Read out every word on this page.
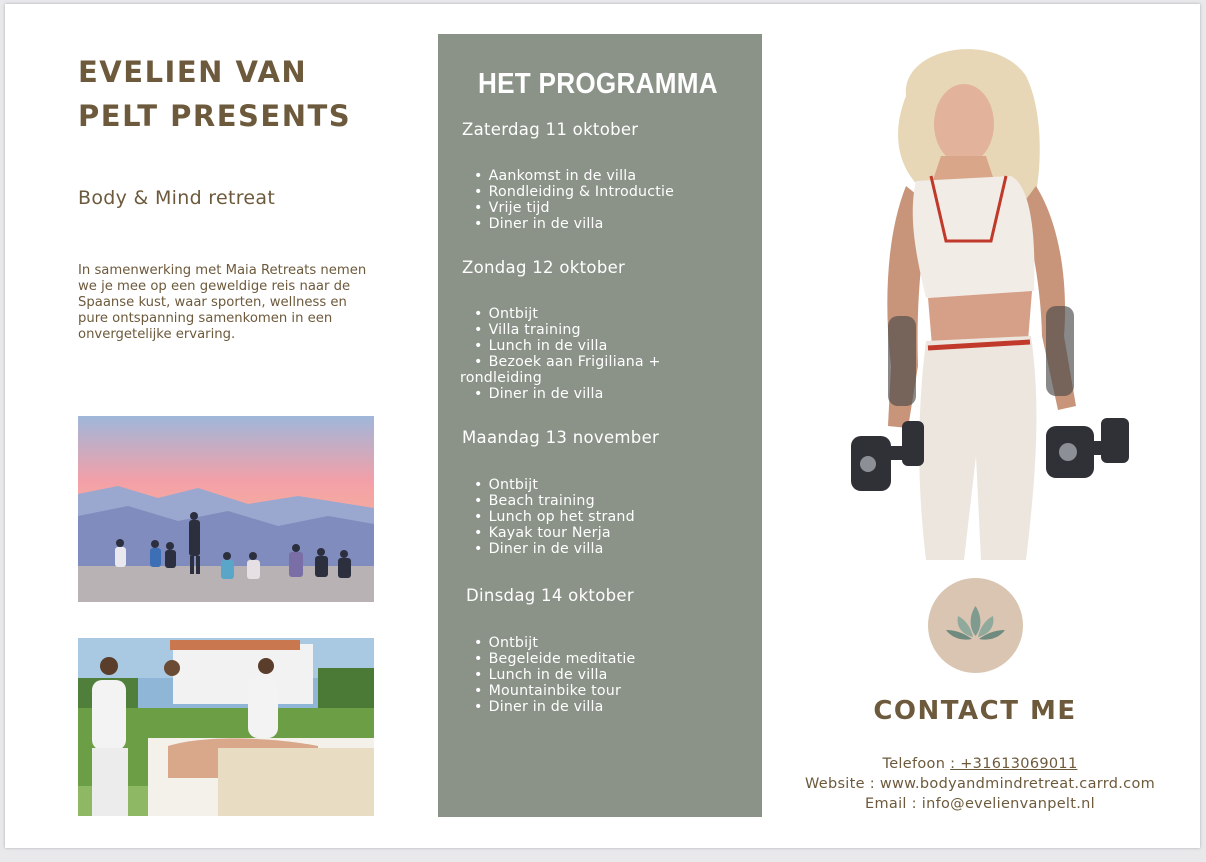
EVELIEN VAN PELT PRESENTS

Body & Mind retreat

In samenwerking met Maia Retreats nemen we je mee op een geweldige reis naar de Spaanse kust, waar sporten, wellness en pure ontspanning samenkomen in een onvergetelijke ervaring.

HET PROGRAMMA
Zaterdag 11 oktober
• Aankomst in de villa
• Rondleiding & Introductie
• Vrije tijd
• Diner in de villa
Zondag 12 oktober
• Ontbijt
• Villa training
• Lunch in de villa
• Bezoek aan Frigiliana +
rondleiding
• Diner in de villa
Maandag 13 november
• Ontbijt
• Beach training
• Lunch op het strand
• Kayak tour Nerja
• Diner in de villa
Dinsdag 14 oktober
• Ontbijt
• Begeleide meditatie
• Lunch in de villa
• Mountainbike tour
• Diner in de villa	CONTACT ME

Telefoon : +31613069011

Website : www.bodyandmindretreat.carrd.com

Email : info@evelienvanpelt.nl
